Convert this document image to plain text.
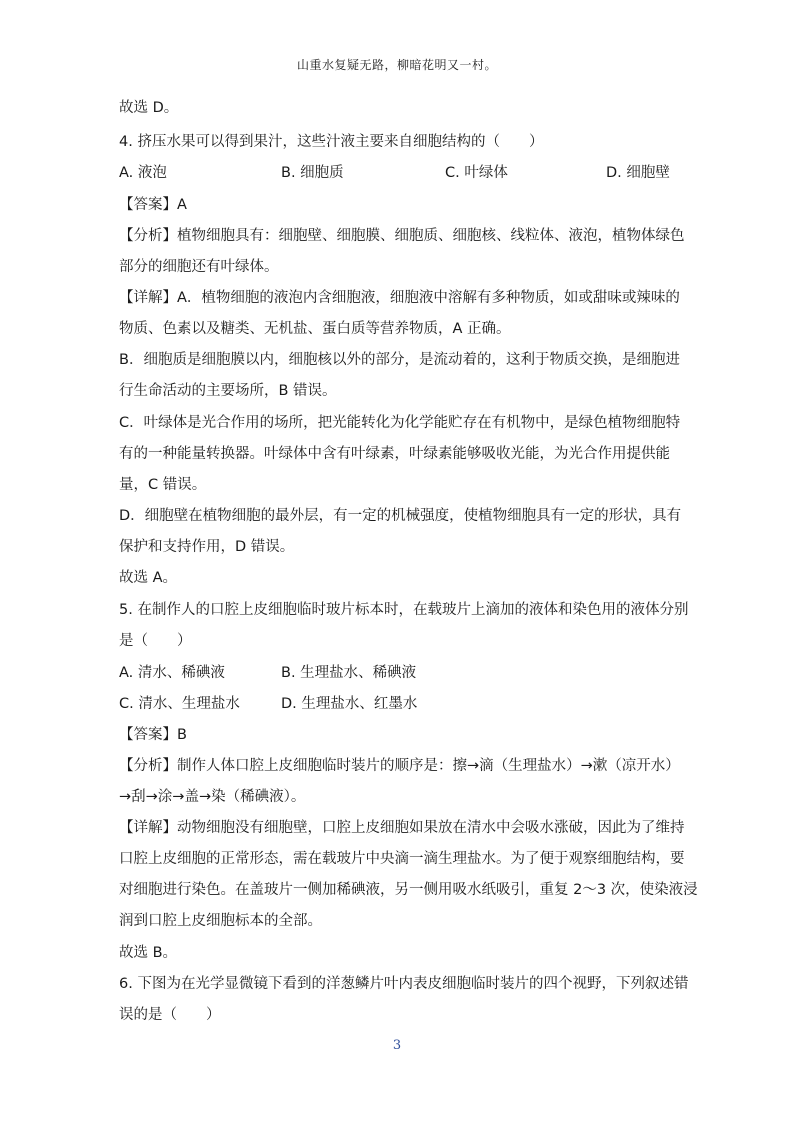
山重水复疑无路，柳暗花明又一村。
故选 D。
4. 挤压水果可以得到果汁，这些汁液主要来自细胞结构的（　　）
A. 液泡	B. 细胞质	C. 叶绿体	D. 细胞壁
【答案】A
【分析】植物细胞具有：细胞壁、细胞膜、细胞质、细胞核、线粒体、液泡，植物体绿色
部分的细胞还有叶绿体。
【详解】A．植物细胞的液泡内含细胞液，细胞液中溶解有多种物质，如或甜味或辣味的
物质、色素以及糖类、无机盐、蛋白质等营养物质，A 正确。
B．细胞质是细胞膜以内，细胞核以外的部分，是流动着的，这利于物质交换，是细胞进
行生命活动的主要场所，B 错误。
C．叶绿体是光合作用的场所，把光能转化为化学能贮存在有机物中，是绿色植物细胞特
有的一种能量转换器。叶绿体中含有叶绿素，叶绿素能够吸收光能，为光合作用提供能
量，C 错误。
D．细胞壁在植物细胞的最外层，有一定的机械强度，使植物细胞具有一定的形状，具有
保护和支持作用，D 错误。
故选 A。
5. 在制作人的口腔上皮细胞临时玻片标本时，在载玻片上滴加的液体和染色用的液体分别
是（　　）
A. 清水、稀碘液	B. 生理盐水、稀碘液
C. 清水、生理盐水	D. 生理盐水、红墨水
【答案】B
【分析】制作人体口腔上皮细胞临时装片的顺序是：擦→滴（生理盐水）→漱（凉开水）
→刮→涂→盖→染（稀碘液）。
【详解】动物细胞没有细胞壁，口腔上皮细胞如果放在清水中会吸水涨破，因此为了维持
口腔上皮细胞的正常形态，需在载玻片中央滴一滴生理盐水。为了便于观察细胞结构，要
对细胞进行染色。在盖玻片一侧加稀碘液，另一侧用吸水纸吸引，重复 2～3 次，使染液浸
润到口腔上皮细胞标本的全部。
故选 B。
6. 下图为在光学显微镜下看到的洋葱鳞片叶内表皮细胞临时装片的四个视野，下列叙述错
误的是（　　）
3
